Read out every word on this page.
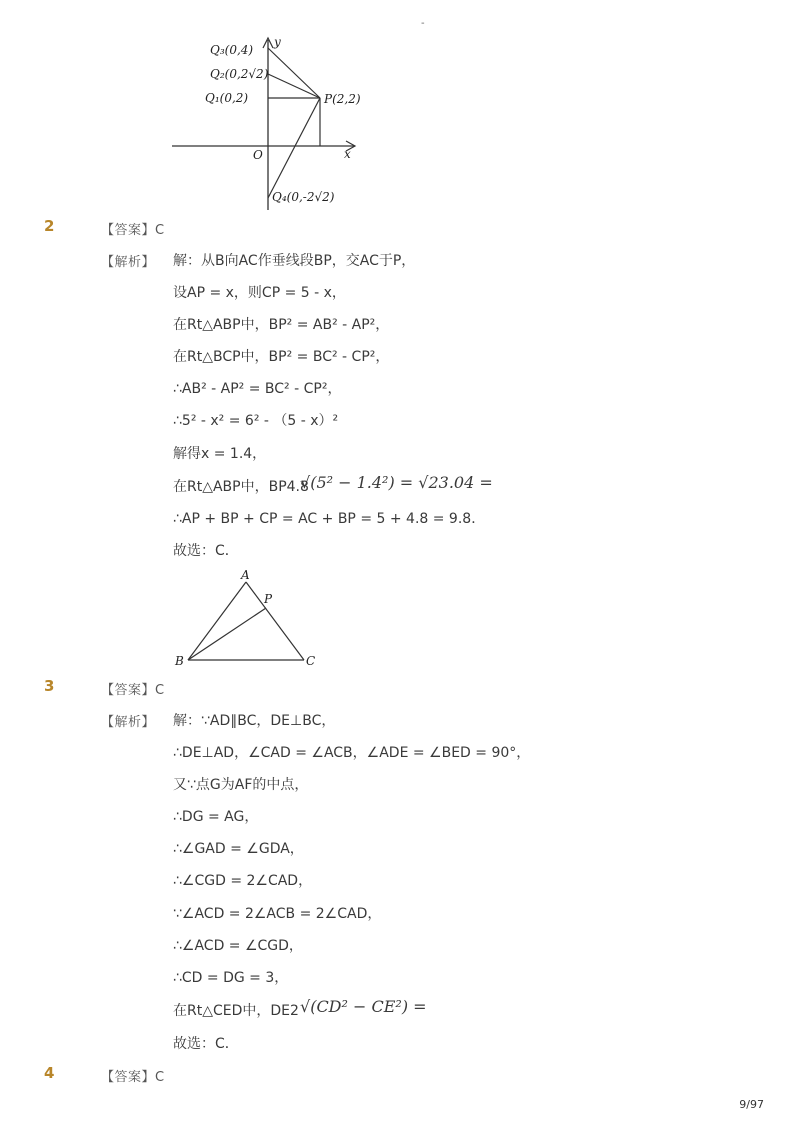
-
Q₃(0,4)
Q₂(0,2√2)
Q₁(0,2)	P(2,2)
O	x
y
Q₄(0,-2√2)
2	【答案】C
【解析】 解：从B向AC作垂线段BP，交AC于P，
设AP = x，则CP = 5 - x，
在Rt△ABP中，BP² = AB² - AP²，
在Rt△BCP中，BP² = BC² - CP²，
∴AB² - AP² = BC² - CP²，
∴5² - x² = 6² - （5 - x）²
解得x = 1.4，
在Rt△ABP中，BP4.8
√(5² − 1.4²) = √23.04 =
∴AP + BP + CP = AC + BP = 5 + 4.8 = 9.8．
故选：C．
A
P
B	C
3	【答案】C
【解析】 解：∵AD∥BC，DE⊥BC，
∴DE⊥AD，∠CAD = ∠ACB，∠ADE = ∠BED = 90°，
又∵点G为AF的中点，
∴DG = AG，
∴∠GAD = ∠GDA，
∴∠CGD = 2∠CAD，
∵∠ACD = 2∠ACB = 2∠CAD，
∴∠ACD = ∠CGD，
∴CD = DG = 3，
在Rt△CED中，DE2 √(CD² − CE²) =
故选：C．
4	【答案】C
9/97
